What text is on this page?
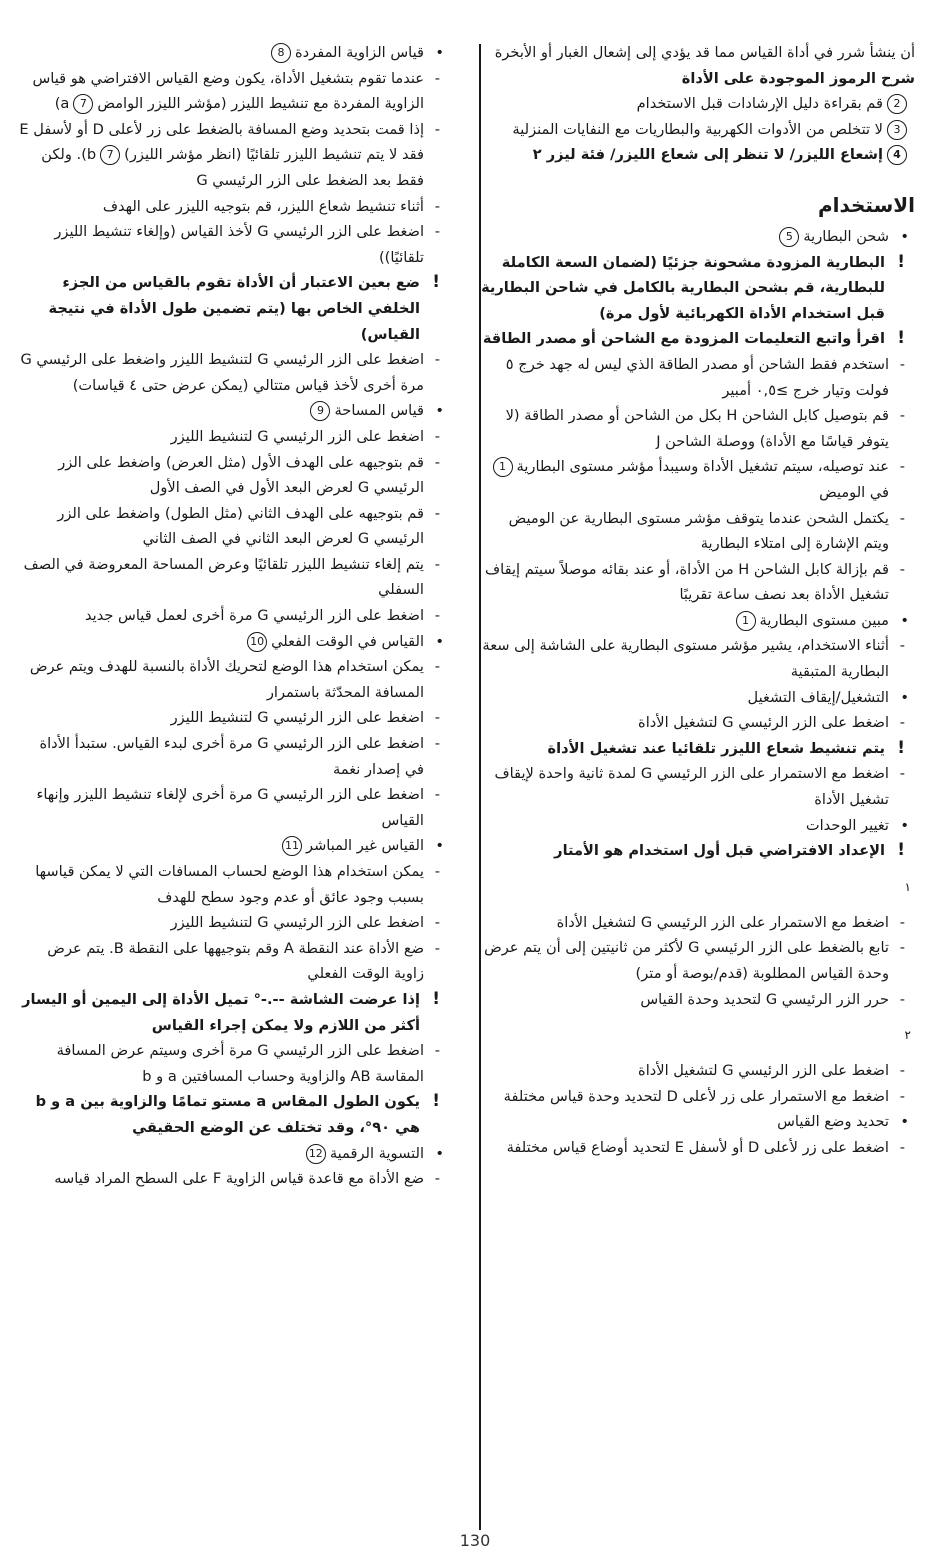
أن ينشأ شرر في أداة القياس مما قد يؤدي إلى إشعال الغبار أو الأبخرة

شرح الرموز الموجودة على الأداة

2قم بقراءة دليل الإرشادات قبل الاستخدام

3لا تتخلص من الأدوات الكهربية والبطاريات مع النفايات المنزلية

4إشعاع الليزر/ لا تنظر إلى شعاع الليزر/ فئة ليزر ٢

الاستخدام

• شحن البطارية5

! البطارية المزودة مشحونة جزئيًا (لضمان السعة الكاملة للبطارية، قم بشحن البطارية بالكامل في شاحن البطارية قبل استخدام الأداة الكهربائية لأول مرة)

! اقرأ واتبع التعليمات المزودة مع الشاحن أو مصدر الطاقة

- استخدم فقط الشاحن أو مصدر الطاقة الذي ليس له جهد خرج ٥ فولت وتيار خرج ≥٠,٥ أمبير

- قم بتوصيل كابل الشاحن H بكل من الشاحن أو مصدر الطاقة (لا يتوفر قياسًا مع الأداة) ووصلة الشاحن J

- عند توصيله، سيتم تشغيل الأداة وسيبدأ مؤشر مستوى البطارية1في الوميض

- يكتمل الشحن عندما يتوقف مؤشر مستوى البطارية عن الوميض ويتم الإشارة إلى امتلاء البطارية

- قم بإزالة كابل الشاحن H من الأداة، أو عند بقائه موصلاً سيتم إيقاف تشغيل الأداة بعد نصف ساعة تقريبًا

• مبين مستوى البطارية1

- أثناء الاستخدام، يشير مؤشر مستوى البطارية على الشاشة إلى سعة البطارية المتبقية

• التشغيل/إيقاف التشغيل

- اضغط على الزر الرئيسي G لتشغيل الأداة

! يتم تنشيط شعاع الليزر تلقائيا عند تشغيل الأداة

- اضغط مع الاستمرار على الزر الرئيسي G لمدة ثانية واحدة لإيقاف تشغيل الأداة

• تغيير الوحدات

! الإعداد الافتراضي قبل أول استخدام هو الأمتار

١

- اضغط مع الاستمرار على الزر الرئيسي G لتشغيل الأداة

- تابع بالضغط على الزر الرئيسي G لأكثر من ثانيتين إلى أن يتم عرض وحدة القياس المطلوبة (قدم/بوصة أو متر)

- حرر الزر الرئيسي G لتحديد وحدة القياس

٢

- اضغط على الزر الرئيسي G لتشغيل الأداة

- اضغط مع الاستمرار على زر لأعلى D لتحديد وحدة قياس مختلفة

• تحديد وضع القياس

- اضغط على زر لأعلى D أو لأسفل E لتحديد أوضاع قياس مختلفة

• قياس الزاوية المفردة8

- عندما تقوم بتشغيل الأداة، يكون وضع القياس الافتراضي هو قياس الزاوية المفردة مع تنشيط الليزر (مؤشر الليزر الوامض7a)

- إذا قمت بتحديد وضع المسافة بالضغط على زر لأعلى D أو لأسفل E فقد لا يتم تنشيط الليزر تلقائيًا (انظر مؤشر الليزر)7b). ولكن فقط بعد الضغط على الزر الرئيسي G

- أثناء تنشيط شعاع الليزر، قم بتوجيه الليزر على الهدف

- اضغط على الزر الرئيسي G لأخذ القياس (وإلغاء تنشيط الليزر تلقائيًا))

! ضع بعين الاعتبار أن الأداة تقوم بالقياس من الجزء الخلفي الخاص بها (يتم تضمين طول الأداة في نتيجة القياس)

- اضغط على الزر الرئيسي G لتنشيط الليزر واضغط على الرئيسي G مرة أخرى لأخذ قياس متتالي (يمكن عرض حتى ٤ قياسات)

• قياس المساحة9

- اضغط على الزر الرئيسي G لتنشيط الليزر

- قم بتوجيهه على الهدف الأول (مثل العرض) واضغط على الزر الرئيسي G لعرض البعد الأول في الصف الأول

- قم بتوجيهه على الهدف الثاني (مثل الطول) واضغط على الزر الرئيسي G لعرض البعد الثاني في الصف الثاني

- يتم إلغاء تنشيط الليزر تلقائيًا وعرض المساحة المعروضة في الصف السفلي

- اضغط على الزر الرئيسي G مرة أخرى لعمل قياس جديد

• القياس في الوقت الفعلي10

- يمكن استخدام هذا الوضع لتحريك الأداة بالنسبة للهدف ويتم عرض المسافة المحدّثة باستمرار

- اضغط على الزر الرئيسي G لتنشيط الليزر

- اضغط على الزر الرئيسي G مرة أخرى لبدء القياس. ستبدأ الأداة في إصدار نغمة

- اضغط على الزر الرئيسي G مرة أخرى لإلغاء تنشيط الليزر وإنهاء القياس

• القياس غير المباشر11

- يمكن استخدام هذا الوضع لحساب المسافات التي لا يمكن قياسها بسبب وجود عائق أو عدم وجود سطح للهدف

- اضغط على الزر الرئيسي G لتنشيط الليزر

- ضع الأداة عند النقطة A وقم بتوجيهها على النقطة B. يتم عرض زاوية الوقت الفعلي

! إذا عرضت الشاشة --.-° تميل الأداة إلى اليمين أو اليسار أكثر من اللازم ولا يمكن إجراء القياس

- اضغط على الزر الرئيسي G مرة أخرى وسيتم عرض المسافة المقاسة AB والزاوية وحساب المسافتين a و b

! يكون الطول المقاس a مستو تمامًا والزاوية بين a و b هي ٩٠°، وقد تختلف عن الوضع الحقيقي

• التسوية الرقمية12

- ضع الأداة مع قاعدة قياس الزاوية F على السطح المراد قياسه

130
